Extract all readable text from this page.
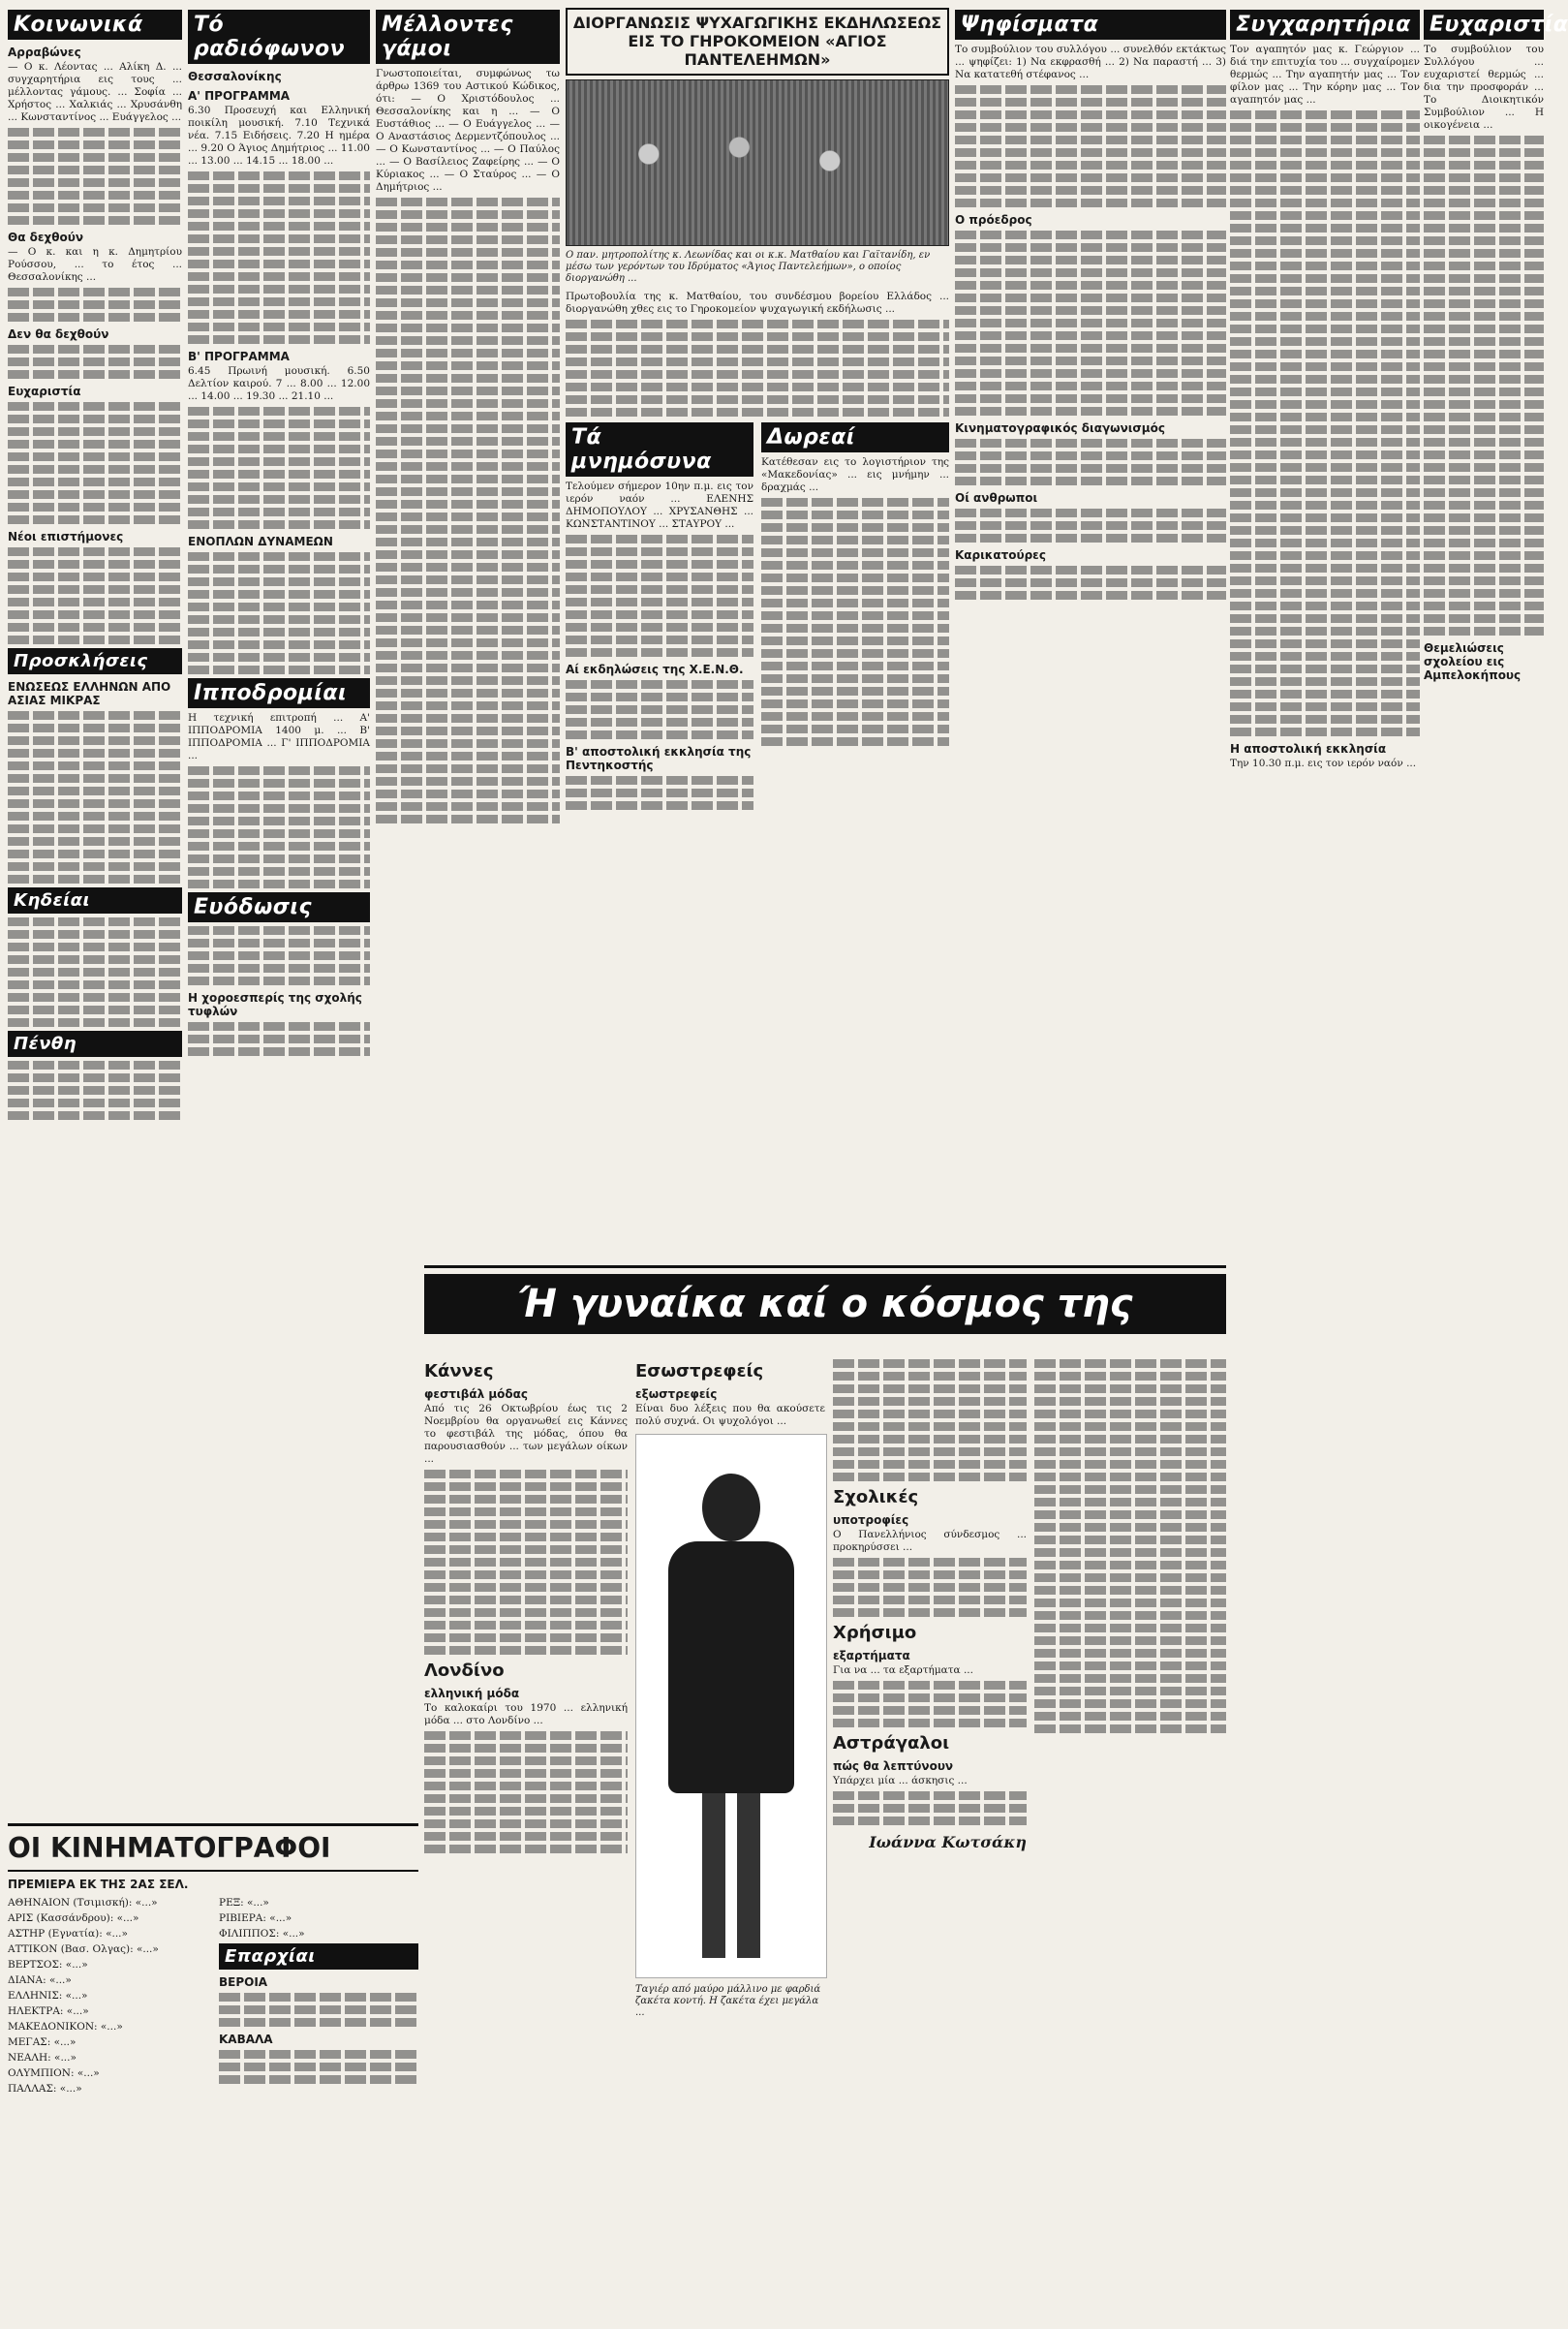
Κοινωνικά
Αρραβώνες

— Ο κ. Λέοντας ... Αλίκη Δ. ... συγχαρητήρια εις τους ... μέλλοντας γάμους. ... Σοφία ... Χρήστος ... Χαλκιάς ... Χρυσάνθη ... Κωνσταντίνος ... Ευάγγελος ...

Θα δεχθούν

— Ο κ. και η κ. Δημητρίου Ρούσσου, ... το έτος ... Θεσσαλονίκης ...

Δεν θα δεχθούν
Ευχαριστία
Νέοι επιστήμονες
Προσκλήσεις
ΕΝΩΣΕΩΣ ΕΛΛΗΝΩΝ ΑΠΟ ΑΣΙΑΣ ΜΙΚΡΑΣ
Κηδείαι
Πένθη
Τό ραδιόφωνον
Θεσσαλονίκης
Α' ΠΡΟΓΡΑΜΜΑ

6.30 Προσευχή και Ελληνική ποικίλη μουσική. 7.10 Τεχνικά νέα. 7.15 Ειδήσεις. 7.20 Η ημέρα ... 9.20 Ο Άγιος Δημήτριος ... 11.00 ... 13.00 ... 14.15 ... 18.00 ...

Β' ΠΡΟΓΡΑΜΜΑ

6.45 Πρωινή μουσική. 6.50 Δελτίον καιρού. 7 ... 8.00 ... 12.00 ... 14.00 ... 19.30 ... 21.10 ...

ΕΝΟΠΛΩΝ ΔΥΝΑΜΕΩΝ
Ιπποδρομίαι

Η τεχνική επιτροπή ... Α' ΙΠΠΟΔΡΟΜΙΑ 1400 μ. ... Β' ΙΠΠΟΔΡΟΜΙΑ ... Γ' ΙΠΠΟΔΡΟΜΙΑ ...

Ευόδωσις
Η χοροεσπερίς της σχολής τυφλών
Μέλλοντες γάμοι

Γνωστοποιείται, συμφώνως τω άρθρω 1369 του Αστικού Κώδικος, ότι: — Ο Χριστόδουλος ... Θεσσαλονίκης και η ... — Ο Ευστάθιος ... — Ο Ευάγγελος ... — Ο Αναστάσιος Δερμεντζόπουλος ... — Ο Κωνσταντίνος ... — Ο Παύλος ... — Ο Βασίλειος Ζαφείρης ... — Ο Κύριακος ... — Ο Σταύρος ... — Ο Δημήτριος ...

ΔΙΟΡΓΑΝΩΣΙΣ ΨΥΧΑΓΩΓΙΚΗΣ ΕΚΔΗΛΩΣΕΩΣ ΕΙΣ ΤΟ ΓΗΡΟΚΟΜΕΙΟΝ «ΑΓΙΟΣ ΠΑΝΤΕΛΕΗΜΩΝ»
Ο παν. μητροπολίτης κ. Λεωνίδας και οι κ.κ. Ματθαίου και Γαϊτανίδη, εν μέσω των γερόντων του Ιδρύματος «Άγιος Παντελεήμων», ο οποίος διοργανώθη ...

Πρωτοβουλία της κ. Ματθαίου, του συνδέσμου βορείου Ελλάδος ... διοργανώθη χθες εις το Γηροκομείον ψυχαγωγική εκδήλωσις ...

Τά μνημόσυνα

Τελούμεν σήμερον 10ην π.μ. εις τον ιερόν ναόν ... ΕΛΕΝΗΣ ΔΗΜΟΠΟΥΛΟΥ ... ΧΡΥΣΑΝΘΗΣ ... ΚΩΝΣΤΑΝΤΙΝΟΥ ... ΣΤΑΥΡΟΥ ...

Αί εκδηλώσεις της Χ.Ε.Ν.Θ.
Β' αποστολική εκκλησία της Πεντηκοστής
Δωρεαί

Κατέθεσαν εις το λογιστήριον της «Μακεδονίας» ... εις μνήμην ... δραχμάς ...

Ψηφίσματα

Το συμβούλιον του συλλόγου ... συνελθόν εκτάκτως ... ψηφίζει: 1) Να εκφρασθή ... 2) Να παραστή ... 3) Να κατατεθή στέφανος ...

Ο πρόεδρος
Κινηματογραφικός διαγωνισμός
Οί ανθρωποι
Καρικατούρες
Συγχαρητήρια

Τον αγαπητόν μας κ. Γεώργιον ... διά την επιτυχία του ... συγχαίρομεν θερμώς ... Την αγαπητήν μας ... Τον φίλον μας ... Την κόρην μας ... Τον αγαπητόν μας ...

Η αποστολική εκκλησία

Την 10.30 π.μ. εις τον ιερόν ναόν ...

Ευχαριστία

Το συμβούλιον του Συλλόγου ... ευχαριστεί θερμώς ... δια την προσφοράν ... Το Διοικητικόν Συμβούλιον ... Η οικογένεια ...

Θεμελιώσεις σχολείου εις Αμπελοκήπους
Ή γυναίκα καί ο κόσμος της
Κάννες
φεστιβάλ μόδας

Από τις 26 Οκτωβρίου έως τις 2 Νοεμβρίου θα οργανωθεί εις Κάννες το φεστιβάλ της μόδας, όπου θα παρουσιασθούν ... των μεγάλων οίκων ...

Λονδίνο
ελληνική μόδα

Το καλοκαίρι του 1970 ... ελληνική μόδα ... στο Λονδίνο ...

Εσωστρεφείς
εξωστρεφείς

Είναι δυο λέξεις που θα ακούσετε πολύ συχνά. Οι ψυχολόγοι ...

Ταγιέρ από μαύρο μάλλινο με φαρδιά ζακέτα κοντή. Η ζακέτα έχει μεγάλα ...
Σχολικές
υποτροφίες

Ο Πανελλήνιος σύνδεσμος ... προκηρύσσει ...

Χρήσιμο
εξαρτήματα

Για να ... τα εξαρτήματα ...

Αστράγαλοι
πώς θα λεπτύνουν

Υπάρχει μία ... άσκησις ...

Ιωάννα Κωτσάκη
ΟΙ ΚΙΝΗΜΑΤΟΓΡΑΦΟΙ
ΠΡΕΜΙΕΡΑ ΕΚ ΤΗΣ 2ΑΣ ΣΕΛ.
ΑΘΗΝΑΙΟΝ (Τσιμισκή): «...»
ΑΡΙΣ (Κασσάνδρου): «...»
ΑΣΤΗΡ (Εγνατία): «...»
ΑΤΤΙΚΟΝ (Βασ. Ολγας): «...»
ΒΕΡΤΣΟΣ: «...»
ΔΙΑΝΑ: «...»
ΕΛΛΗΝΙΣ: «...»
ΗΛΕΚΤΡΑ: «...»
ΜΑΚΕΔΟΝΙΚΟΝ: «...»
ΜΕΓΑΣ: «...»
ΝΕΑΛΗ: «...»
ΟΛΥΜΠΙΟΝ: «...»
ΠΑΛΛΑΣ: «...»
ΡΕΞ: «...»
ΡΙΒΙΕΡΑ: «...»
ΦΙΛΙΠΠΟΣ: «...»
Επαρχίαι
ΒΕΡΟΙΑ
ΚΑΒΑΛΑ
